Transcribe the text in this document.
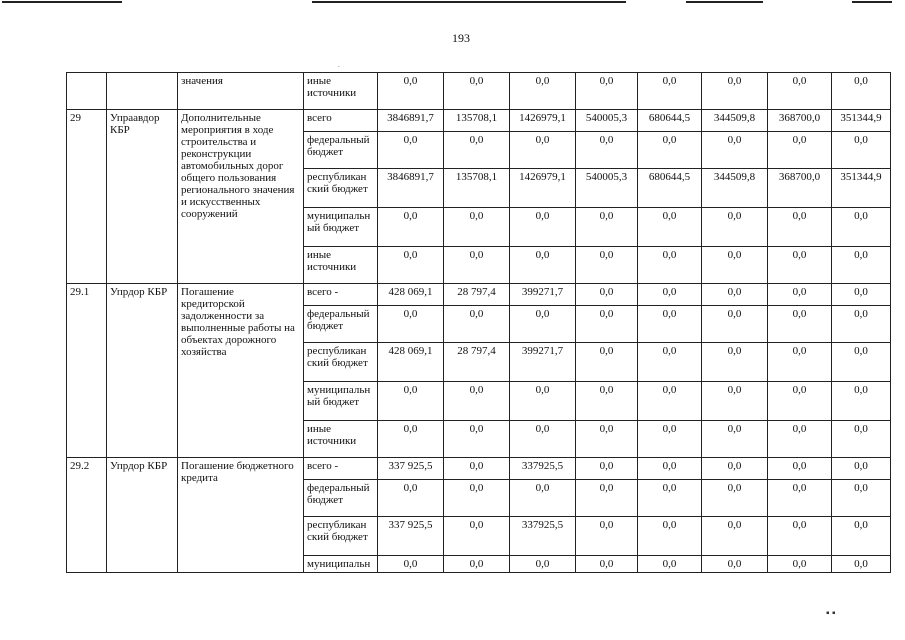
193
.
▪ ▪
		значения	иные источники	0,0	0,0	0,0	0,0	0,0	0,0	0,0	0,0
29	Упраавдор КБР	Дополнительные мероприятия в ходе строительства и реконструкции автомобильных дорог общего пользования регионального значения и искусственных сооружений	всего	3846891,7	135708,1	1426979,1	540005,3	680644,5	344509,8	368700,0	351344,9
			федеральный бюджет	0,0	0,0	0,0	0,0	0,0	0,0	0,0	0,0
			республикан ский бюджет	3846891,7	135708,1	1426979,1	540005,3	680644,5	344509,8	368700,0	351344,9
			муниципальн ый бюджет	0,0	0,0	0,0	0,0	0,0	0,0	0,0	0,0
			иные источники	0,0	0,0	0,0	0,0	0,0	0,0	0,0	0,0
29.1	Упрдор КБР	Погашение кредиторской задолженности за выполненные работы на объектах дорожного хозяйства	всего -	428 069,1	28 797,4	399271,7	0,0	0,0	0,0	0,0	0,0
			федеральный бюджет	0,0	0,0	0,0	0,0	0,0	0,0	0,0	0,0
			республикан ский бюджет	428 069,1	28 797,4	399271,7	0,0	0,0	0,0	0,0	0,0
			муниципальн ый бюджет	0,0	0,0	0,0	0,0	0,0	0,0	0,0	0,0
			иные источники	0,0	0,0	0,0	0,0	0,0	0,0	0,0	0,0
29.2	Упрдор КБР	Погашение бюджетного кредита	всего -	337 925,5	0,0	337925,5	0,0	0,0	0,0	0,0	0,0
			федеральный бюджет	0,0	0,0	0,0	0,0	0,0	0,0	0,0	0,0
			республикан ский бюджет	337 925,5	0,0	337925,5	0,0	0,0	0,0	0,0	0,0
			муниципальн	0,0	0,0	0,0	0,0	0,0	0,0	0,0	0,0
